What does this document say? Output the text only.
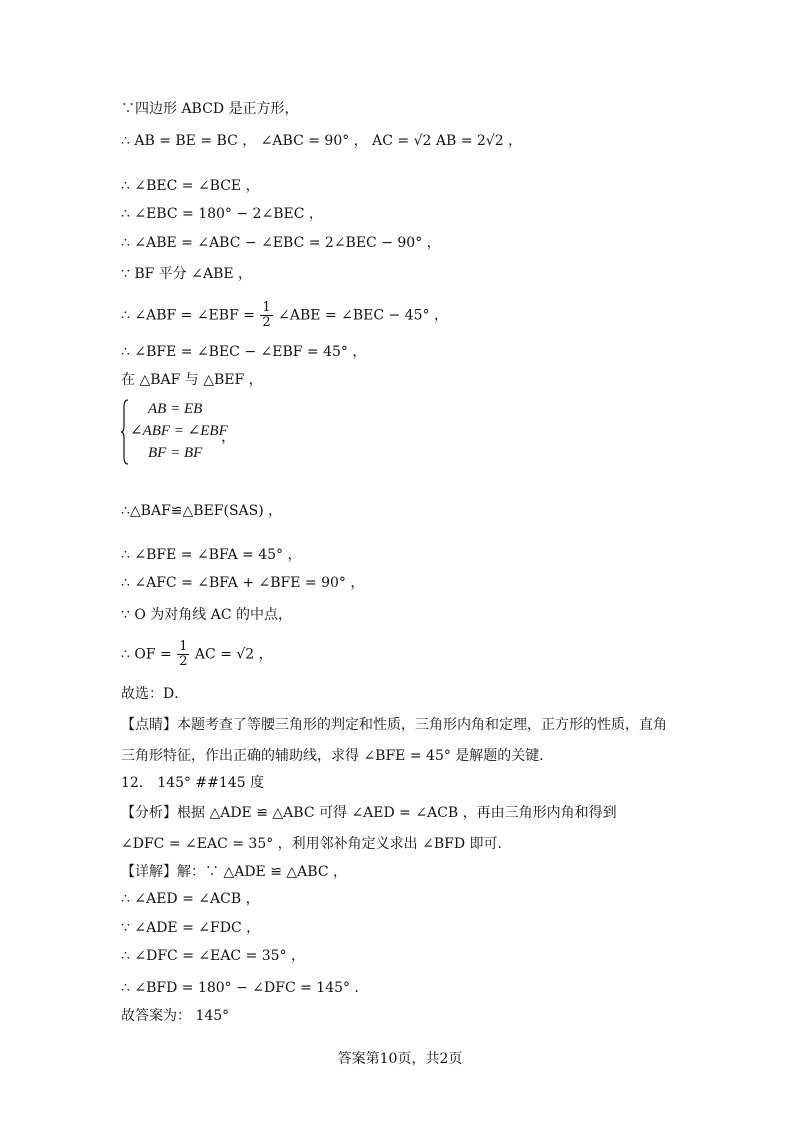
∵四边形 ABCD 是正方形，
∴ AB = BE = BC ， ∠ABC = 90° ， AC = √2 AB = 2√2 ，
∴ ∠BEC = ∠BCE ，
∴ ∠EBC = 180° − 2∠BEC ，
∴ ∠ABE = ∠ABC − ∠EBC = 2∠BEC − 90° ，
∵ BF 平分 ∠ABE ，
∴ ∠ABF = ∠EBF = $\frac{1}{2}$ ∠ABE = ∠BEC − 45° ，
∴ ∠BFE = ∠BEC − ∠EBF = 45° ，
在 △BAF 与 △BEF ，
AB = EB
∠ABF = ∠EBF
BF = BF
，
∴△BAF≌△BEF(SAS) ，
∴ ∠BFE = ∠BFA = 45° ，
∴ ∠AFC = ∠BFA + ∠BFE = 90° ，
∵ O 为对角线 AC 的中点，
∴ OF = $\frac{1}{2}$ AC = √2 ，
故选：D．
【点睛】本题考查了等腰三角形的判定和性质，三角形内角和定理，正方形的性质，直角
三角形特征，作出正确的辅助线，求得 ∠BFE = 45° 是解题的关键．
12． 145° ##145 度
【分析】根据 △ADE ≌ △ABC 可得 ∠AED = ∠ACB ，再由三角形内角和得到
∠DFC = ∠EAC = 35° ，利用邻补角定义求出 ∠BFD 即可．
【详解】解：∵ △ADE ≌ △ABC ，
∴ ∠AED = ∠ACB ，
∵ ∠ADE = ∠FDC ，
∴ ∠DFC = ∠EAC = 35° ，
∴ ∠BFD = 180° − ∠DFC = 145° ．
故答案为： 145°
答案第10页，共2页
